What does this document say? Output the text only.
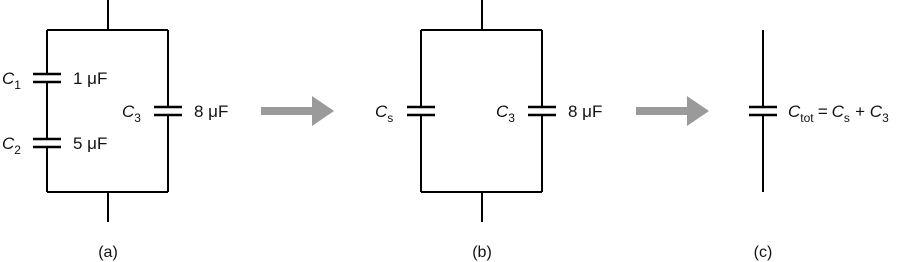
$C_1$	1 μF
$C_2$	5 μF
$C_3$	8 μF
(a)
$C_s$	$C_3$	8 μF
(b)
$C_{tot} = C_s + C_3$
(c)
